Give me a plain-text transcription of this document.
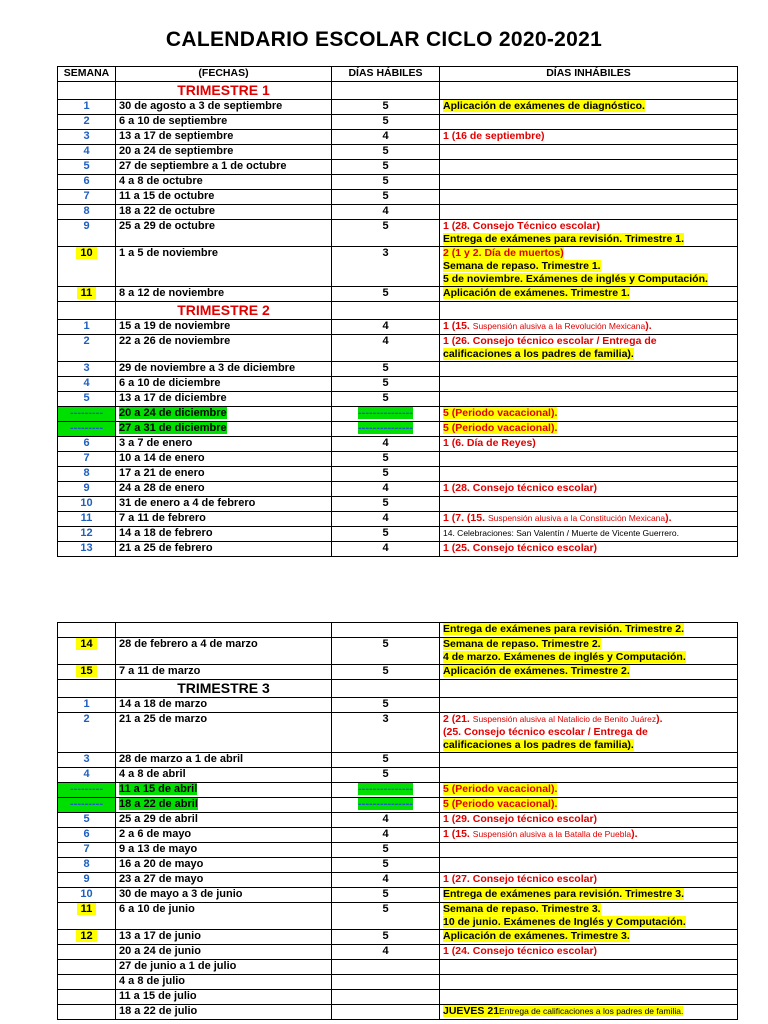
CALENDARIO ESCOLAR CICLO 2020-2021
SEMANA	(FECHAS)	DÍAS HÁBILES	DÍAS INHÁBILES
	TRIMESTRE 1		
1	30 de agosto a 3 de septiembre	5	Aplicación de exámenes de diagnóstico.

2	6 a 10 de septiembre	5	
3	13 a 17 de septiembre	4	1 (16 de septiembre)

4	20 a 24 de septiembre	5	
5	27 de septiembre a 1 de octubre	5	
6	4 a 8 de octubre	5	
7	11 a 15 de octubre	5	
8	18 a 22 de octubre	4	
9	25 a 29 de octubre	5	1 (28. Consejo Técnico escolar)
Entrega de exámenes para revisión. Trimestre 1.

10	1 a 5 de noviembre	3	2 (1 y 2. Día de muertos)
Semana de repaso. Trimestre 1.
5 de noviembre. Exámenes de inglés y Computación.

11	8 a 12 de noviembre	5	Aplicación de exámenes. Trimestre 1.

	TRIMESTRE 2		
1	15 a 19 de noviembre	4	1 (15. Suspensión alusiva a la Revolución Mexicana).

2	22 a 26 de noviembre	4	1 (26. Consejo técnico escolar / Entrega de
calificaciones a los padres de familia).

3	29 de noviembre a 3 de diciembre	5	
4	6 a 10 de diciembre	5	
5	13 a 17 de diciembre	5	
---------	20 a 24 de diciembre	---------------	5 (Periodo vacacional).

---------	27 a 31 de diciembre	---------------	5 (Periodo vacacional).

6	3 a 7 de enero	4	1 (6. Día de Reyes)

7	10 a 14 de enero	5	
8	17 a 21 de enero	5	
9	24 a 28 de enero	4	1 (28. Consejo técnico escolar)

10	31 de enero a 4 de febrero	5	
11	7 a 11 de febrero	4	1 (7. (15. Suspensión alusiva a la Constitución Mexicana).

12	14 a 18 de febrero	5	14. Celebraciones: San Valentín / Muerte de Vicente Guerrero.

13	21 a 25 de febrero	4	1 (25. Consejo técnico escolar)

			Entrega de exámenes para revisión. Trimestre 2.

14	28 de febrero a 4 de marzo	5	Semana de repaso. Trimestre 2.
4 de marzo. Exámenes de inglés y Computación.

15	7 a 11 de marzo	5	Aplicación de exámenes. Trimestre 2.

	TRIMESTRE 3		
1	14 a 18 de marzo	5	
2	21 a 25 de marzo	3	2 (21. Suspensión alusiva al Natalicio de Benito Juárez).
(25. Consejo técnico escolar / Entrega de
calificaciones a los padres de familia).

3	28 de marzo a 1 de abril	5	
4	4 a 8 de abril	5	
---------	11 a 15 de abril	---------------	5 (Periodo vacacional).

---------	18 a 22 de abril	---------------	5 (Periodo vacacional).

5	25 a 29 de abril	4	1 (29. Consejo técnico escolar)

6	2 a 6 de mayo	4	1 (15. Suspensión alusiva a la Batalla de Puebla).

7	9 a 13 de mayo	5	
8	16 a 20 de mayo	5	
9	23 a 27 de mayo	4	1 (27. Consejo técnico escolar)

10	30 de mayo a 3 de junio	5	Entrega de exámenes para revisión. Trimestre 3.

11	6 a 10 de junio	5	Semana de repaso. Trimestre 3.
10 de junio. Exámenes de Inglés y Computación.

12	13 a 17 de junio	5	Aplicación de exámenes. Trimestre 3.

	20 a 24 de junio	4	1 (24. Consejo técnico escolar)

	27 de junio a 1 de julio		
	4 a 8 de julio		
	11 a 15 de julio		
	18 a 22 de julio		JUEVES 21Entrega de calificaciones a los padres de familia.
